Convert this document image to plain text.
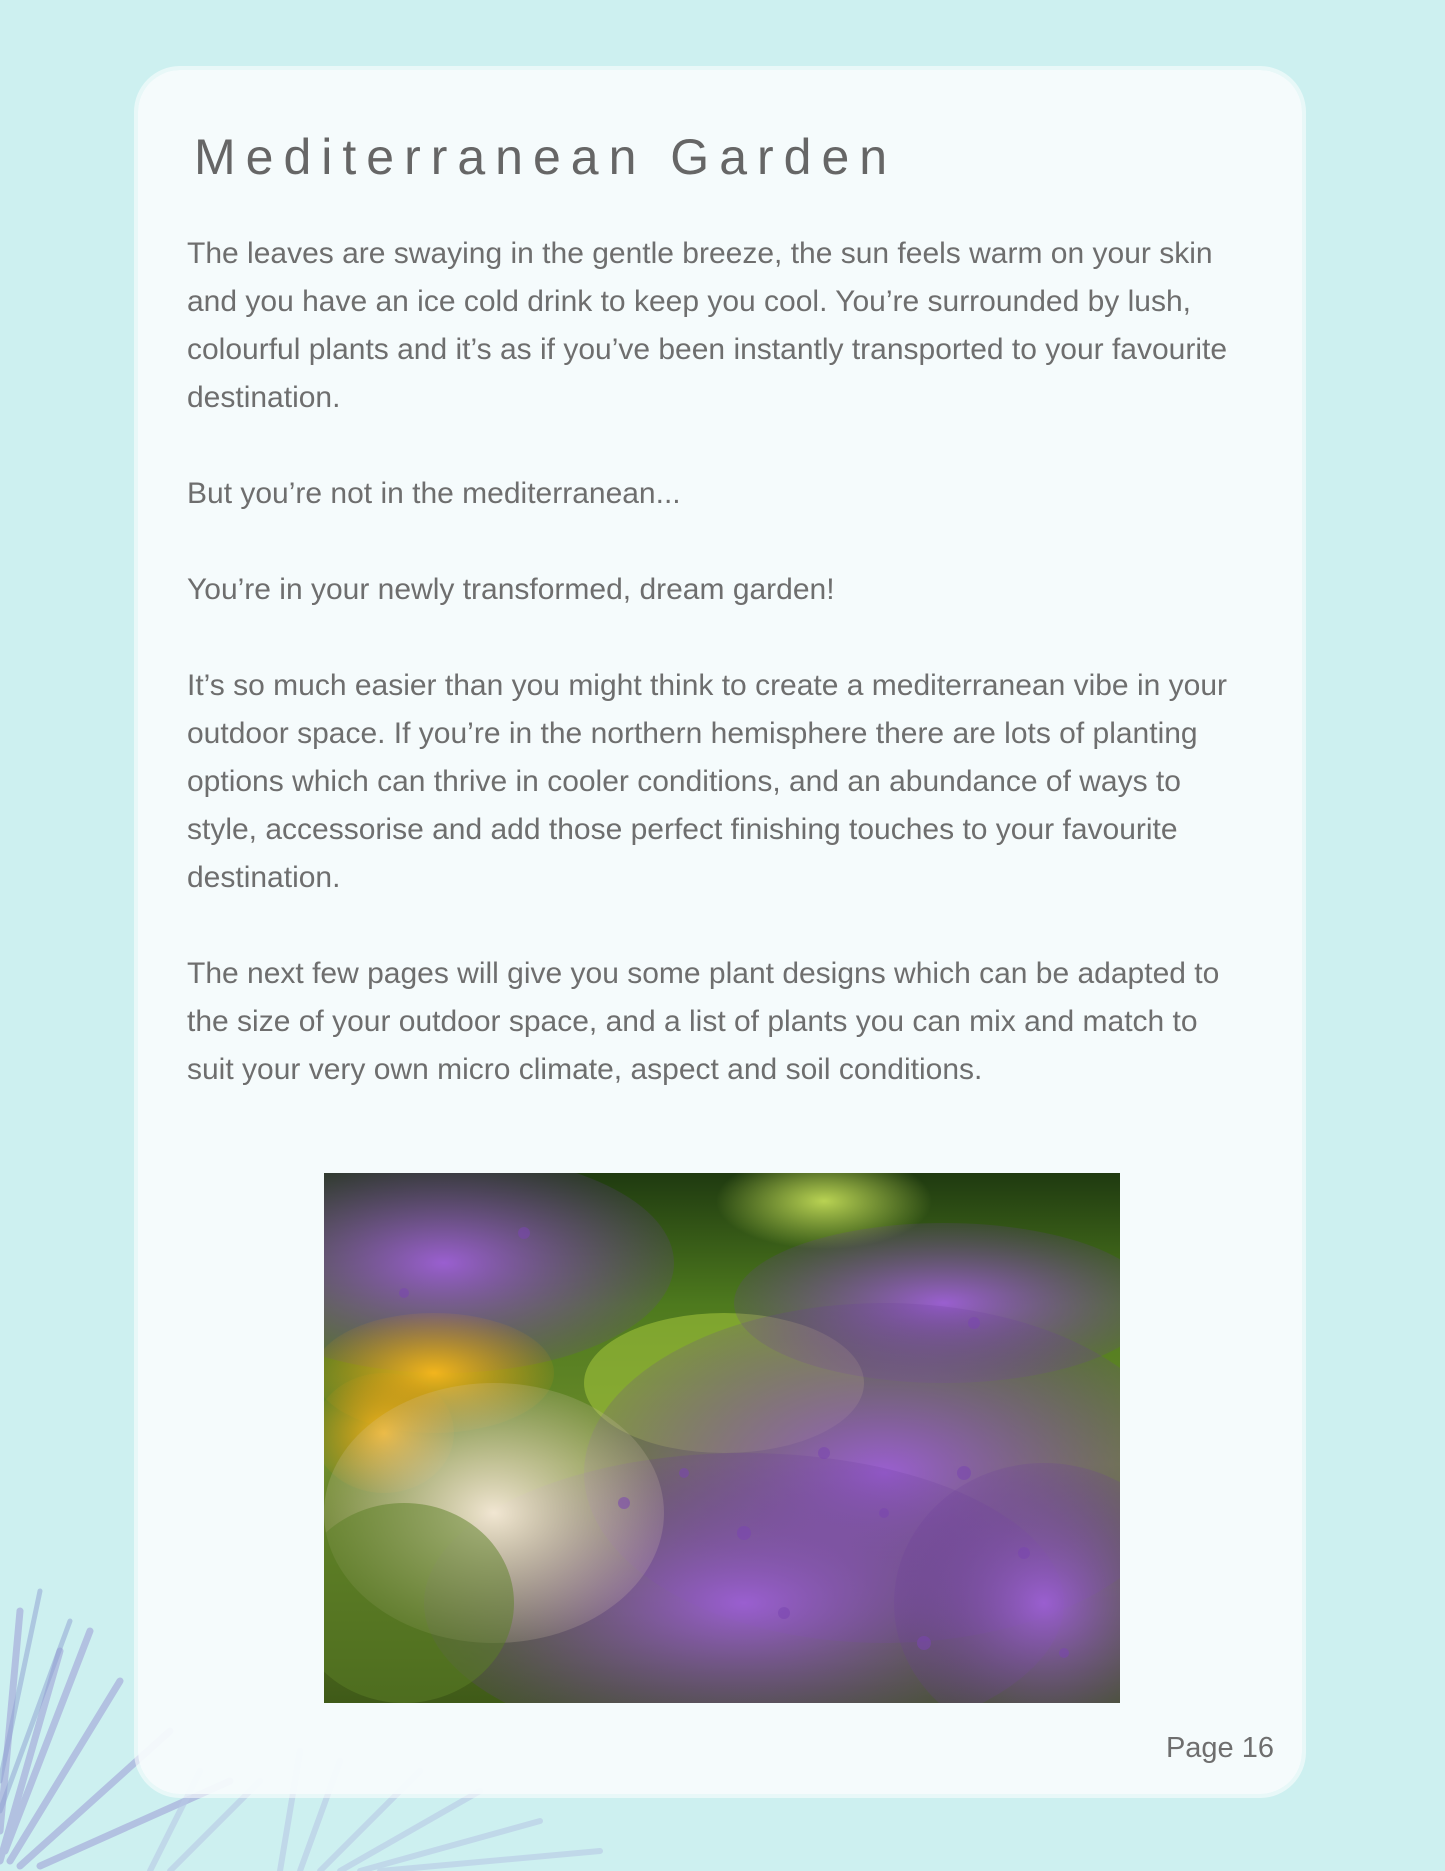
Mediterranean Garden

The leaves are swaying in the gentle breeze, the sun feels warm on your skin and you have an ice cold drink to keep you cool. You’re surrounded by lush, colourful plants and it’s as if you’ve been instantly transported to your favourite destination.

But you’re not in the mediterranean...

You’re in your newly transformed, dream garden!

It’s so much easier than you might think to create a mediterranean vibe in your outdoor space. If you’re in the northern hemisphere there are lots of planting options which can thrive in cooler conditions, and an abundance of ways to style, accessorise and add those perfect finishing touches to your favourite destination.

The next few pages will give you some plant designs which can be adapted to the size of your outdoor space, and a list of plants you can mix and match to suit your very own micro climate, aspect and soil conditions.

Page 16
